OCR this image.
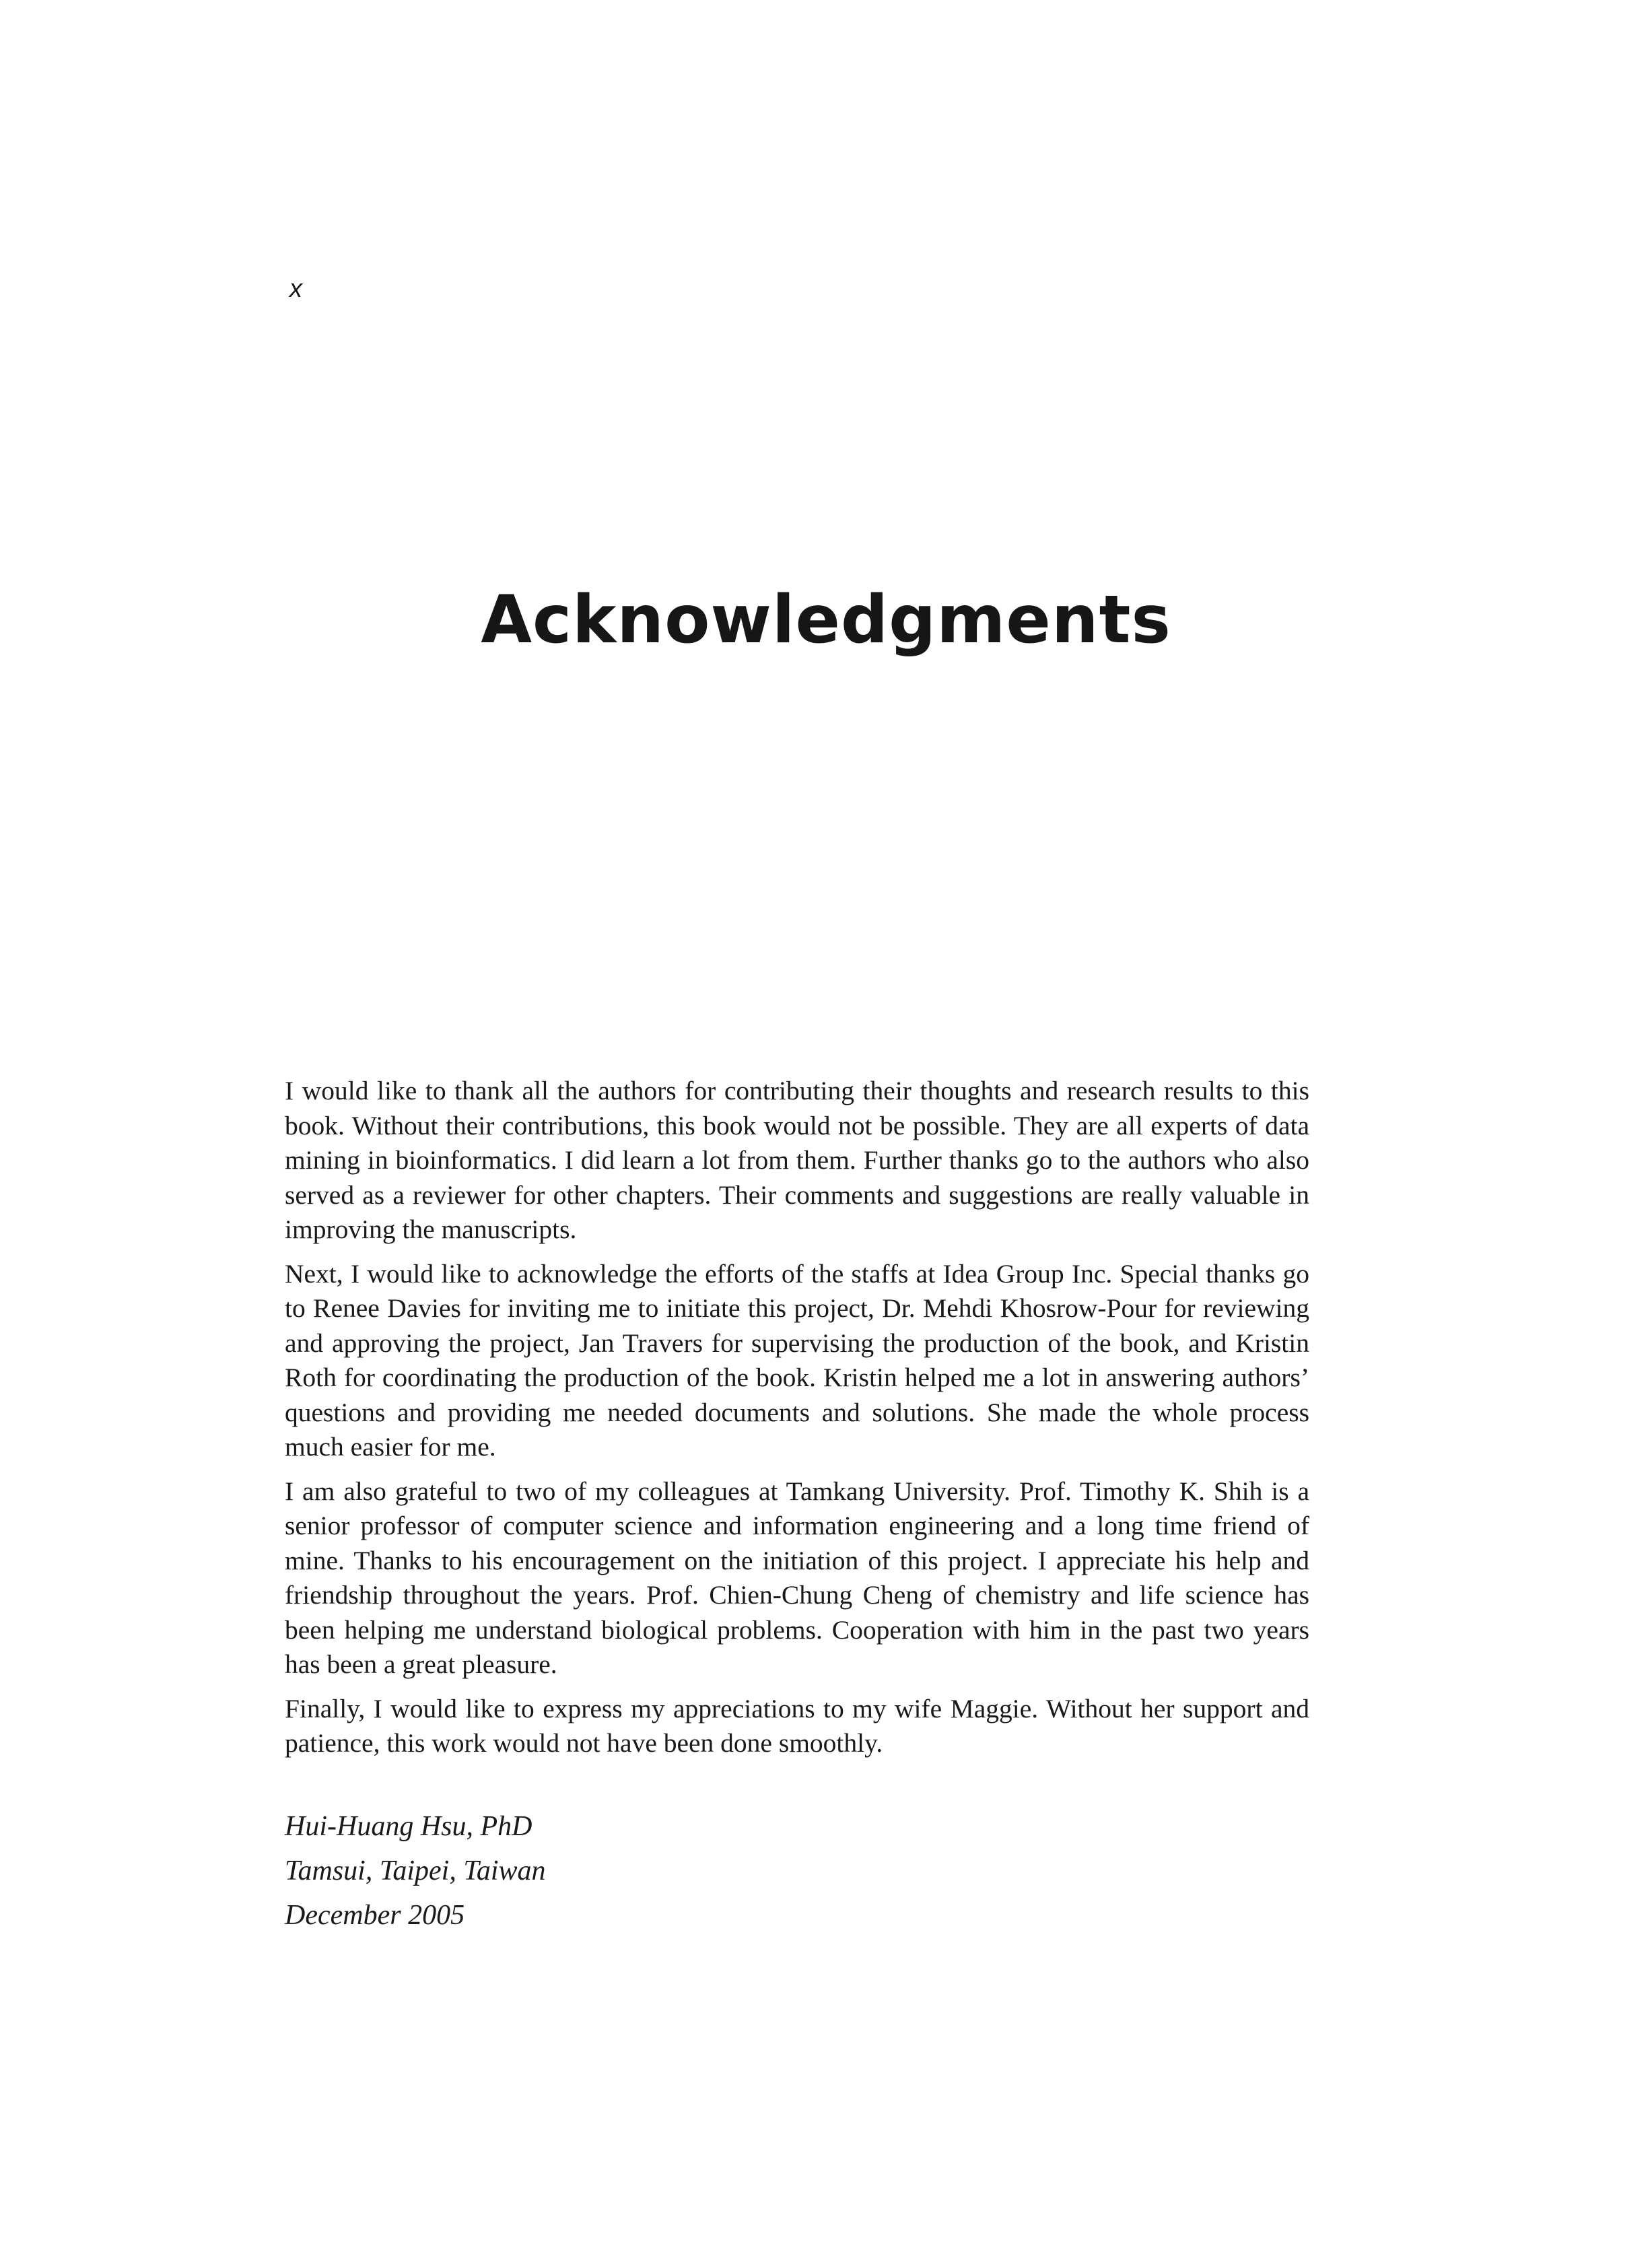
x
Acknowledgments

I would like to thank all the authors for contributing their thoughts and research results to this book. Without their contributions, this book would not be possible. They are all experts of data mining in bioinformatics. I did learn a lot from them. Further thanks go to the authors who also served as a reviewer for other chapters. Their comments and suggestions are really valuable in improving the manuscripts.

Next, I would like to acknowledge the efforts of the staffs at Idea Group Inc. Special thanks go to Renee Davies for inviting me to initiate this project, Dr. Mehdi Khosrow-Pour for reviewing and approving the project, Jan Travers for supervising the production of the book, and Kristin Roth for coordinating the production of the book. Kristin helped me a lot in answering authors’ questions and providing me needed documents and solutions. She made the whole process much easier for me.

I am also grateful to two of my colleagues at Tamkang University. Prof. Timothy K. Shih is a senior professor of computer science and information engineering and a long time friend of mine. Thanks to his encouragement on the initiation of this project. I appreciate his help and friendship throughout the years. Prof. Chien-Chung Cheng of chemistry and life science has been helping me understand biological problems. Cooperation with him in the past two years has been a great pleasure.

Finally, I would like to express my appreciations to my wife Maggie. Without her support and patience, this work would not have been done smoothly.

Hui-Huang Hsu, PhD
Tamsui, Taipei, Taiwan
December 2005
